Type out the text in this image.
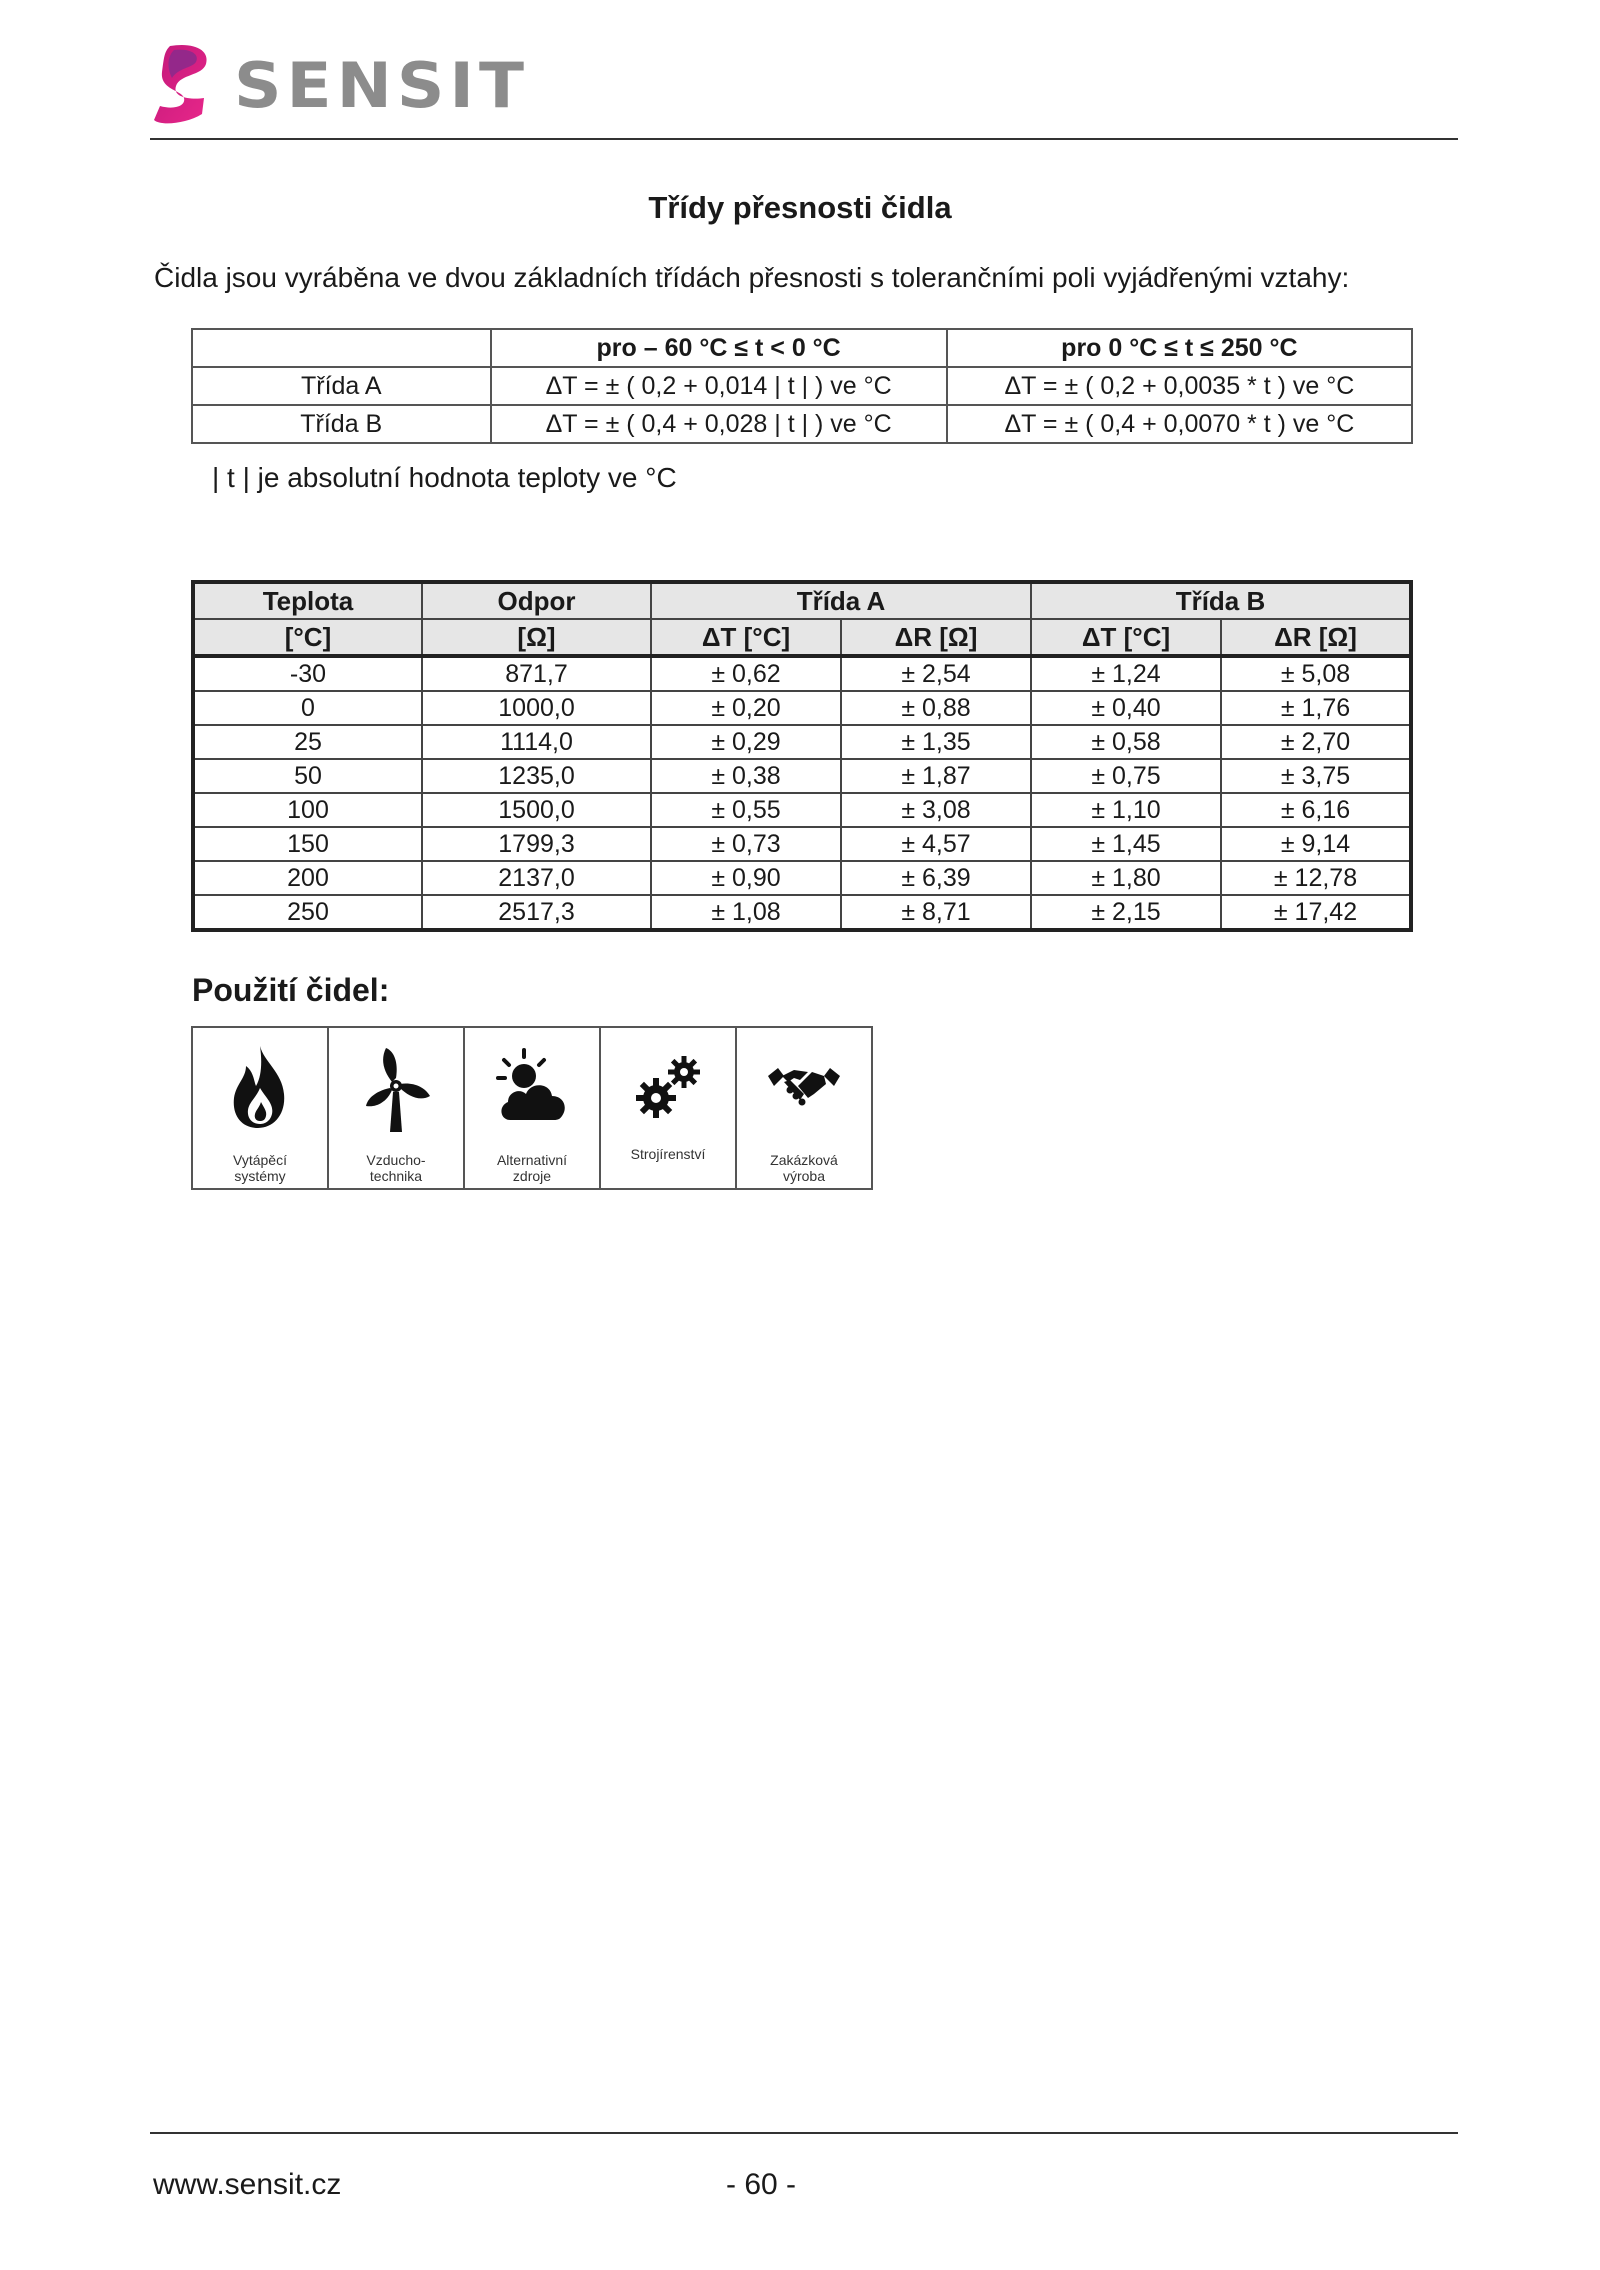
SENSIT
Třídy přesnosti čidla
Čidla jsou vyráběna ve dvou základních třídách přesnosti s tolerančními poli vyjádřenými vztahy:
	pro – 60 °C ≤ t < 0 °C	pro 0 °C ≤ t ≤ 250 °C
Třída A	ΔT = ± ( 0,2 + 0,014 | t | ) ve °C	ΔT = ± ( 0,2 + 0,0035 * t ) ve °C
Třída B	ΔT = ± ( 0,4 + 0,028 | t | ) ve °C	ΔT = ± ( 0,4 + 0,0070 * t ) ve °C
| t | je absolutní hodnota teploty ve °C
Teplota	Odpor	Třída A		Třída B	
[°C]	[Ω]	ΔT [°C]	ΔR [Ω]	ΔT [°C]	ΔR [Ω]
-30	871,7	± 0,62	± 2,54	± 1,24	± 5,08
0	1000,0	± 0,20	± 0,88	± 0,40	± 1,76
25	1114,0	± 0,29	± 1,35	± 0,58	± 2,70
50	1235,0	± 0,38	± 1,87	± 0,75	± 3,75
100	1500,0	± 0,55	± 3,08	± 1,10	± 6,16
150	1799,3	± 0,73	± 4,57	± 1,45	± 9,14
200	2137,0	± 0,90	± 6,39	± 1,80	± 12,78
250	2517,3	± 1,08	± 8,71	± 2,15	± 17,42
Použití čidel:
Vytápěcí
systémy
Vzducho-
technika
Alternativní
zdroje
Strojírenství	Zakázková
výroba
www.sensit.cz	- 60 -
